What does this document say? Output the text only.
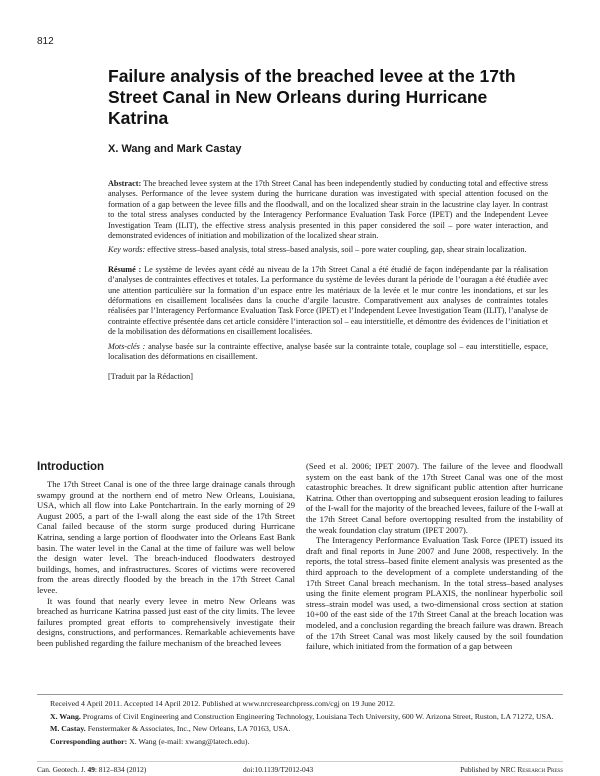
812
Failure analysis of the breached levee at the 17th Street Canal in New Orleans during Hurricane Katrina
X. Wang and Mark Castay

Abstract: The breached levee system at the 17th Street Canal has been independently studied by conducting total and effective stress analyses. Performance of the levee system during the hurricane duration was investigated with special attention focused on the formation of a gap between the levee fills and the floodwall, and on the localized shear strain in the lacustrine clay layer. In contrast to the total stress analyses conducted by the Interagency Performance Evaluation Task Force (IPET) and the Independent Levee Investigation Team (ILIT), the effective stress analysis presented in this paper considered the soil – pore water interaction, and demonstrated evidences of initiation and mobilization of the localized shear strain.

Key words: effective stress–based analysis, total stress–based analysis, soil – pore water coupling, gap, shear strain localization.

Résumé : Le système de levées ayant cédé au niveau de la 17th Street Canal a été étudié de façon indépendante par la réalisation d’analyses de contraintes effectives et totales. La performance du système de levées durant la période de l’ouragan a été étudiée avec une attention particulière sur la formation d’un espace entre les matériaux de la levée et le mur contre les inondations, et sur les déformations en cisaillement localisées dans la couche d’argile lacustre. Comparativement aux analyses de contraintes totales réalisées par l’Interagency Performance Evaluation Task Force (IPET) et l’Independent Levee Investigation Team (ILIT), l’analyse de contrainte effective présentée dans cet article considère l’interaction sol – eau interstitielle, et démontre des évidences de l’initiation et de la mobilisation des déformations en cisaillement localisées.

Mots-clés : analyse basée sur la contrainte effective, analyse basée sur la contrainte totale, couplage sol – eau interstitielle, espace, localisation des déformations en cisaillement.

[Traduit par la Rédaction]

Introduction

The 17th Street Canal is one of the three large drainage canals through swampy ground at the northern end of metro New Orleans, Louisiana, USA, which all flow into Lake Pontchartrain. In the early morning of 29 August 2005, a part of the I-wall along the east side of the 17th Street Canal failed because of the storm surge produced during Hurricane Katrina, sending a large portion of floodwater into the Orleans East Bank basin. The water level in the Canal at the time of failure was well below the design water level. The breach-induced floodwaters destroyed buildings, homes, and infrastructures. Scores of victims were recovered from the areas directly flooded by the breach in the 17th Street Canal levee.

It was found that nearly every levee in metro New Orleans was breached as hurricane Katrina passed just east of the city limits. The levee failures prompted great efforts to comprehensively investigate their designs, constructions, and performances. Remarkable achievements have been published regarding the failure mechanism of the breached levees

(Seed et al. 2006; IPET 2007). The failure of the levee and floodwall system on the east bank of the 17th Street Canal was one of the most catastrophic breaches. It drew significant public attention after hurricane Katrina. Other than overtopping and subsequent erosion leading to failures of the I-wall for the majority of the breached levees, failure of the I-wall at the 17th Street Canal before overtopping resulted from the instability of the weak foundation clay stratum (IPET 2007).

The Interagency Performance Evaluation Task Force (IPET) issued its draft and final reports in June 2007 and June 2008, respectively. In the reports, the total stress–based finite element analysis was presented as the third approach to the development of a complete understanding of the 17th Street Canal breach mechanism. In the total stress–based analyses using the finite element program PLAXIS, the nonlinear hyperbolic soil stress–strain model was used, a two-dimensional cross section at station 10+00 of the east side of the 17th Street Canal at the breach location was modeled, and a conclusion regarding the breach failure was drawn. Breach of the 17th Street Canal was most likely caused by the soil foundation failure, which initiated from the formation of a gap between

Received 4 April 2011. Accepted 14 April 2012. Published at www.nrcresearchpress.com/cgj on 19 June 2012.

X. Wang. Programs of Civil Engineering and Construction Engineering Technology, Louisiana Tech University, 600 W. Arizona Street, Ruston, LA 71272, USA.

M. Castay. Fenstermaker & Associates, Inc., New Orleans, LA 70163, USA.

Corresponding author: X. Wang (e-mail: xwang@latech.edu).

Can. Geotech. J. 49: 812–834 (2012)	doi:10.1139/T2012-043	Published by NRC Research Press
